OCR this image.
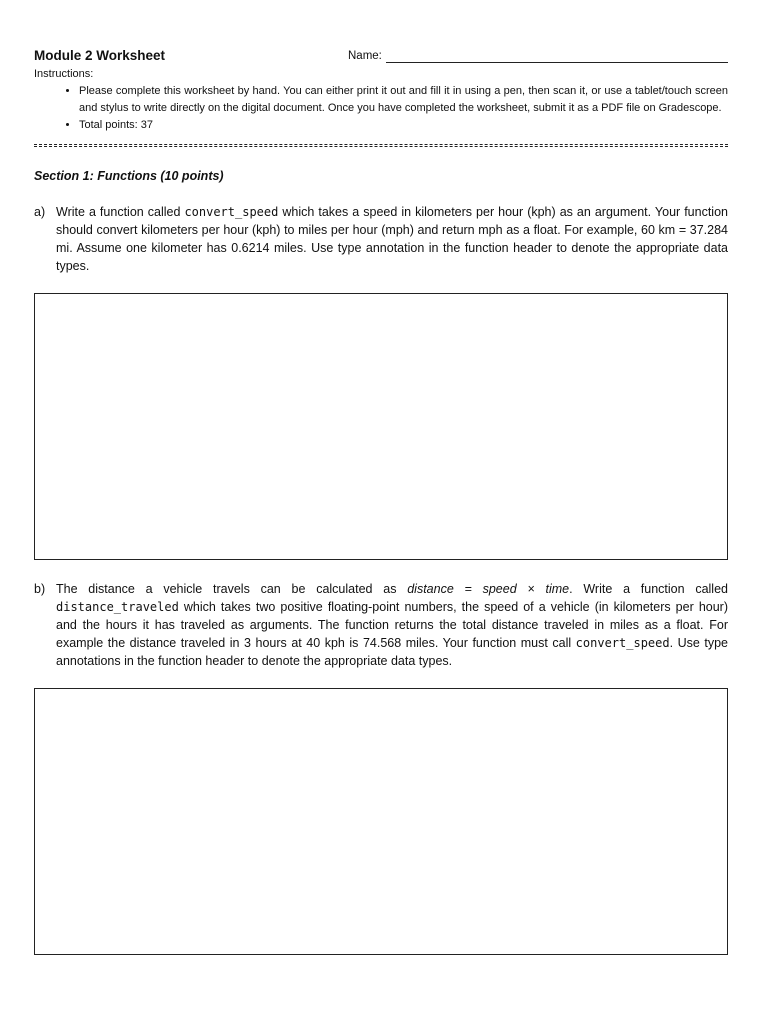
Module 2 Worksheet	Name:
Instructions:
• Please complete this worksheet by hand. You can either print it out and fill it in using a pen, then scan it, or use a tablet/touch screen and stylus to write directly on the digital document. Once you have completed the worksheet, submit it as a PDF file on Gradescope.
• Total points: 37
Section 1: Functions (10 points)
a) Write a function called convert_speed which takes a speed in kilometers per hour (kph) as an argument. Your function should convert kilometers per hour (kph) to miles per hour (mph) and return mph as a float. For example, 60 km = 37.284 mi. Assume one kilometer has 0.6214 miles. Use type annotation in the function header to denote the appropriate data types.
b) The distance a vehicle travels can be calculated as distance = speed × time. Write a function called distance_traveled which takes two positive floating-point numbers, the speed of a vehicle (in kilometers per hour) and the hours it has traveled as arguments. The function returns the total distance traveled in miles as a float. For example the distance traveled in 3 hours at 40 kph is 74.568 miles. Your function must call convert_speed. Use type annotations in the function header to denote the appropriate data types.
